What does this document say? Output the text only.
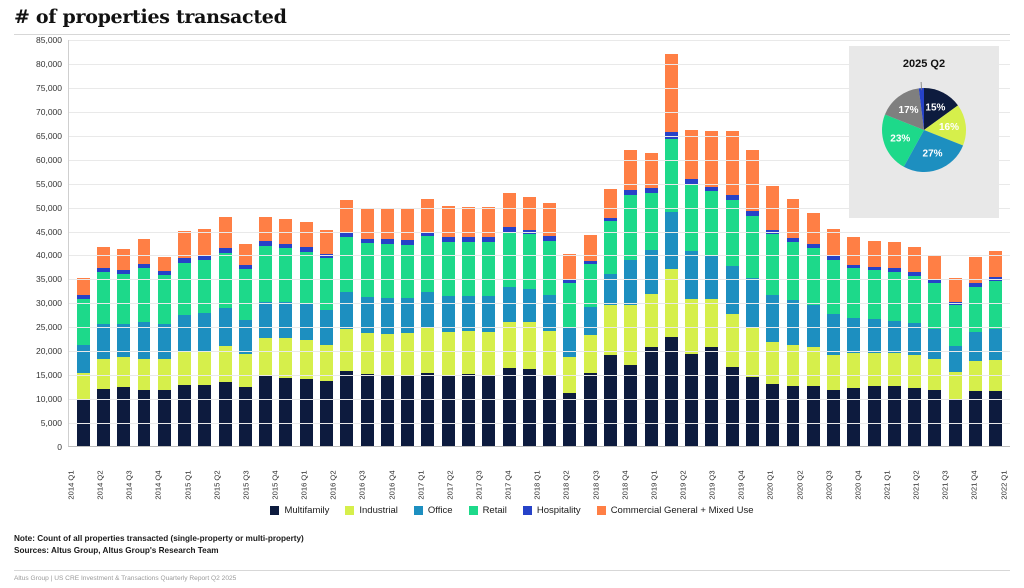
# of properties transacted
0
5,000
10,000
15,000
20,000
25,000
30,000
35,000
40,000
45,000
50,000
55,000
60,000
65,000
70,000
75,000
80,000
85,000
2014 Q1	2014 Q2	2014 Q3	2014 Q4	2015 Q1	2015 Q2	2015 Q3	2015 Q4	2016 Q1	2016 Q2	2016 Q3	2016 Q4	2017 Q1	2017 Q2	2017 Q3	2017 Q4	2018 Q1	2018 Q2	2018 Q3	2018 Q4	2019 Q1	2019 Q2	2019 Q3	2019 Q4	2020 Q1	2020 Q2	2020 Q3	2020 Q4	2021 Q1	2021 Q2	2021 Q3	2021 Q4	2022 Q1
Multifamily	Industrial	Office	Retail	Hospitality	Commercial General + Mixed Use
2025 Q2
15%
16%
27%
23%
17%
Note: Count of all properties transacted (single-property or multi-property)
Sources: Altus Group, Altus Group's Research Team
Altus Group | US CRE Investment & Transactions Quarterly Report Q2 2025
